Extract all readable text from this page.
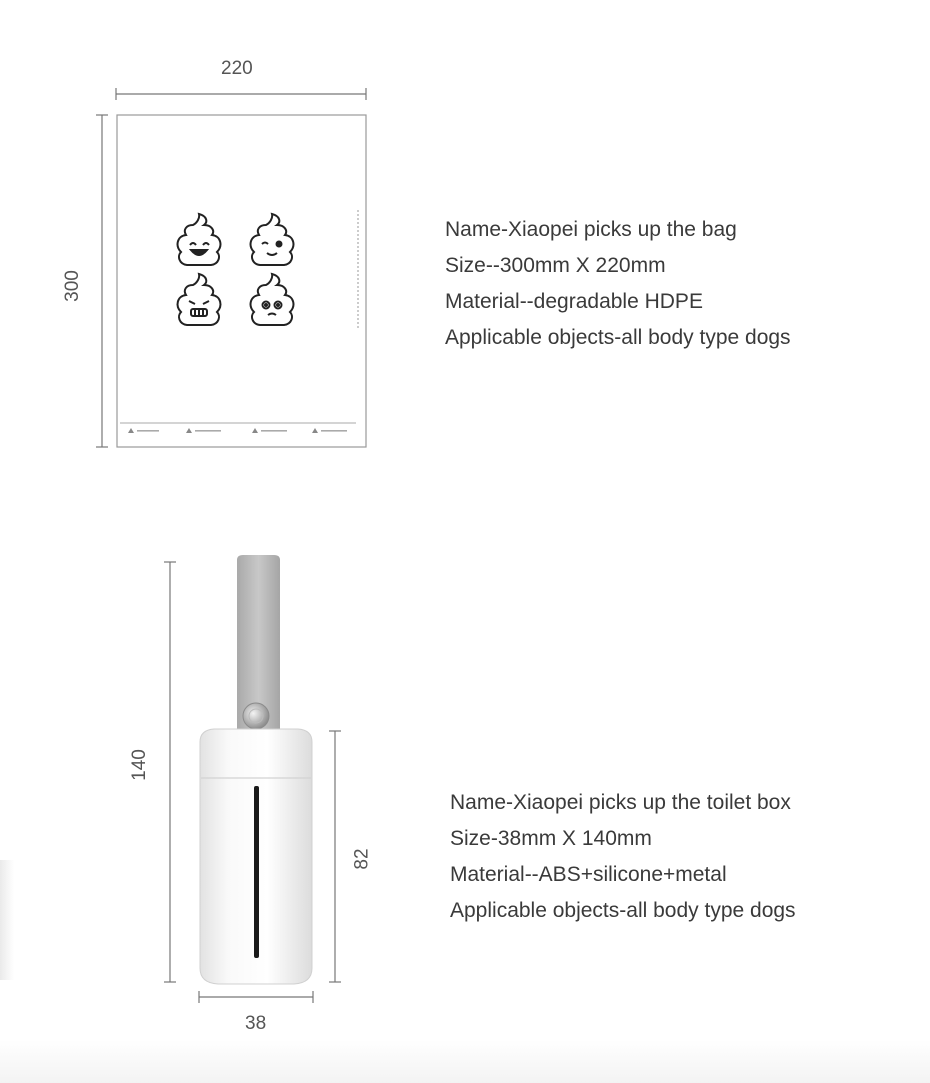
220
300
Name-Xiaopei picks up the bag
Size--300mm X 220mm
Material--degradable HDPE
Applicable objects-all body type dogs
140
82
38
Name-Xiaopei picks up the toilet box
Size-38mm X 140mm
Material--ABS+silicone+metal
Applicable objects-all body type dogs
